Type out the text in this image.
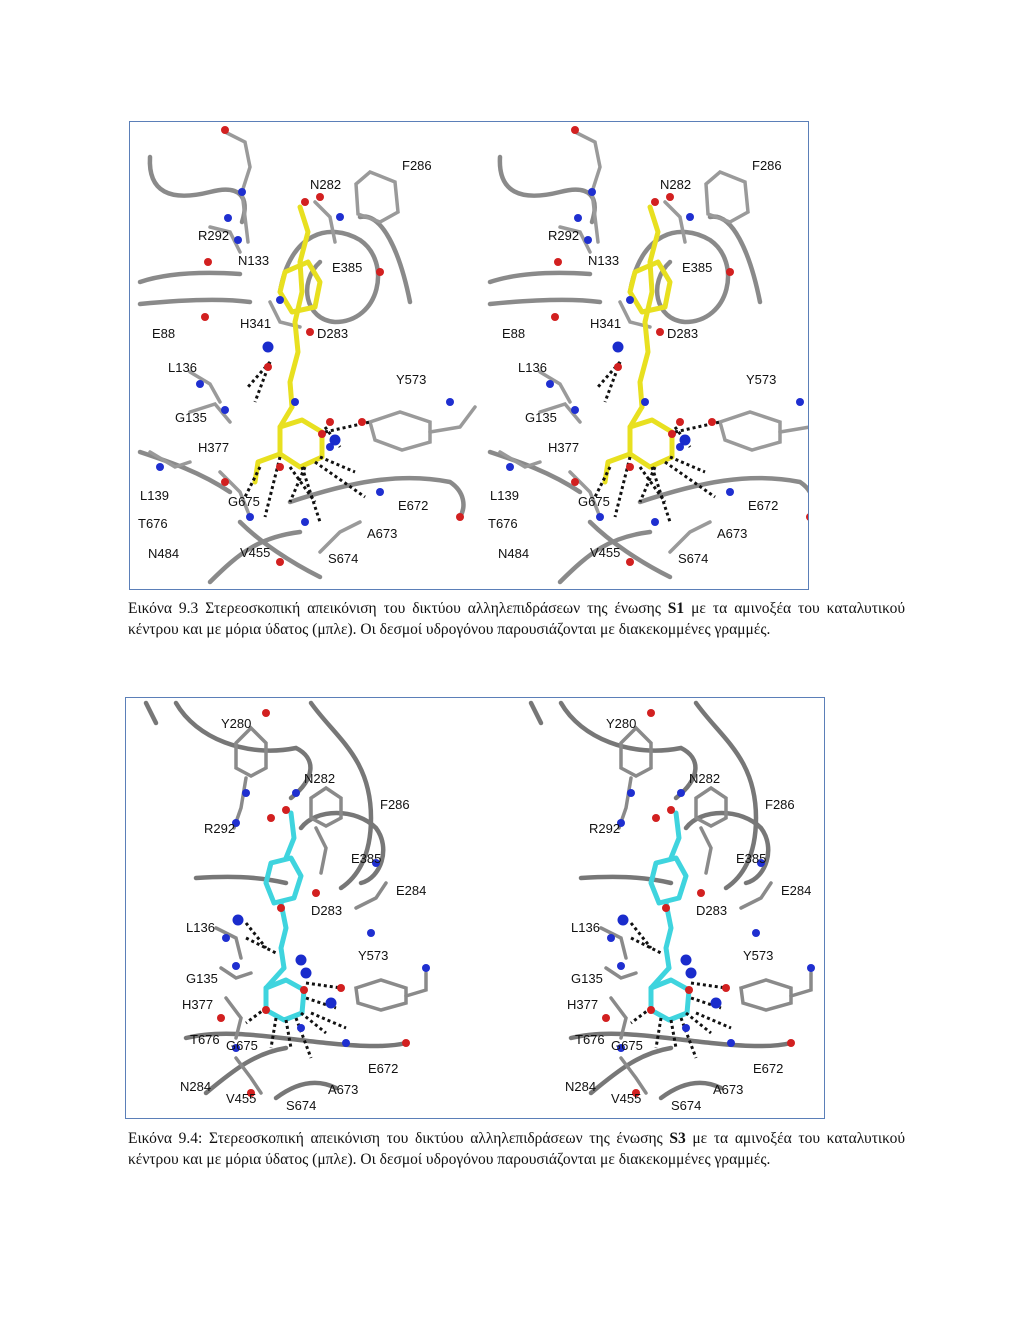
F286
N282
R292
N133	E385
E88
H341
D283
L136
Y573
G135
H377
L139	G675	E672
T676
A673
N484	V455	S674
F286
N282
R292
N133	E385
E88
H341
D283
L136
Y573
G135
H377
L139	G675	E672
T676
A673
N484	V455	S674
Εικόνα 9.3 Στερεοσκοπική απεικόνιση του δικτύου αλληλεπιδράσεων της ένωσης S1 με τα αμινοξέα του καταλυτικού κέντρου και με μόρια ύδατος (μπλε). Οι δεσμοί υδρογόνου παρουσιάζονται με διακεκομμένες γραμμές.
Y280
N282
F286
R292
E385
E284
D283
L136
Y573
G135
H377
T676 G675
E672
N284
V455 S674
A673
Y280
N282
F286
R292
E385
E284
D283
L136
Y573
G135
H377
T676 G675
E672
N284
V455 S674
A673
Εικόνα 9.4: Στερεοσκοπική απεικόνιση του δικτύου αλληλεπιδράσεων της ένωσης S3 με τα αμινοξέα του καταλυτικού κέντρου και με μόρια ύδατος (μπλε). Οι δεσμοί υδρογόνου παρουσιάζονται με διακεκομμένες γραμμές.
